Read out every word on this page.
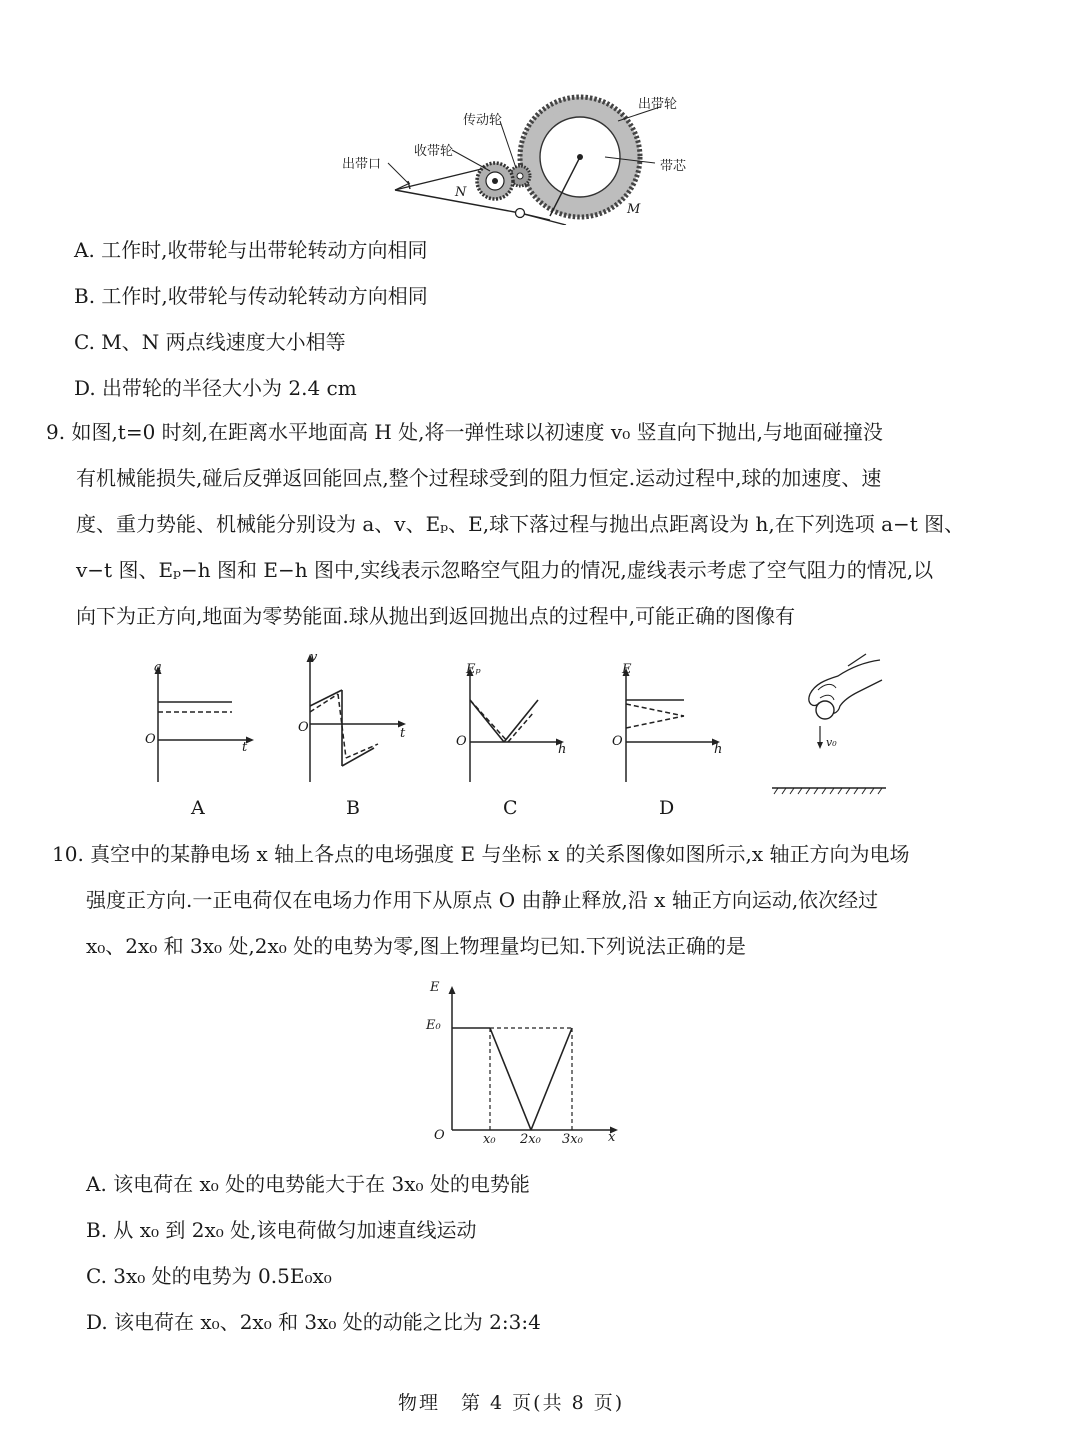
出带口
收带轮
传动轮
出带轮
带芯
N
M
A. 工作时,收带轮与出带轮转动方向相同
B. 工作时,收带轮与传动轮转动方向相同
C. M、N 两点线速度大小相等
D. 出带轮的半径大小为 2.4 cm
9. 如图,t=0 时刻,在距离水平地面高 H 处,将一弹性球以初速度 v₀ 竖直向下抛出,与地面碰撞没
有机械能损失,碰后反弹返回能回点,整个过程球受到的阻力恒定.运动过程中,球的加速度、速
度、重力势能、机械能分别设为 a、v、Eₚ、E,球下落过程与抛出点距离设为 h,在下列选项 a−t 图、
v−t 图、Eₚ−h 图和 E−h 图中,实线表示忽略空气阻力的情况,虚线表示考虑了空气阻力的情况,以
向下为正方向,地面为零势能面.球从抛出到返回抛出点的过程中,可能正确的图像有
a
t
O
A
v
t
O
B
Eₚ
h
O
C
E
h
O
D
v₀
10. 真空中的某静电场 x 轴上各点的电场强度 E 与坐标 x 的关系图像如图所示,x 轴正方向为电场
强度正方向.一正电荷仅在电场力作用下从原点 O 由静止释放,沿 x 轴正方向运动,依次经过
x₀、2x₀ 和 3x₀ 处,2x₀ 处的电势为零,图上物理量均已知.下列说法正确的是
E
E₀
O	x₀ 2x₀ 3x₀ x
A. 该电荷在 x₀ 处的电势能大于在 3x₀ 处的电势能
B. 从 x₀ 到 2x₀ 处,该电荷做匀加速直线运动
C. 3x₀ 处的电势为 0.5E₀x₀
D. 该电荷在 x₀、2x₀ 和 3x₀ 处的动能之比为 2:3:4
物理　第 4 页(共 8 页)
